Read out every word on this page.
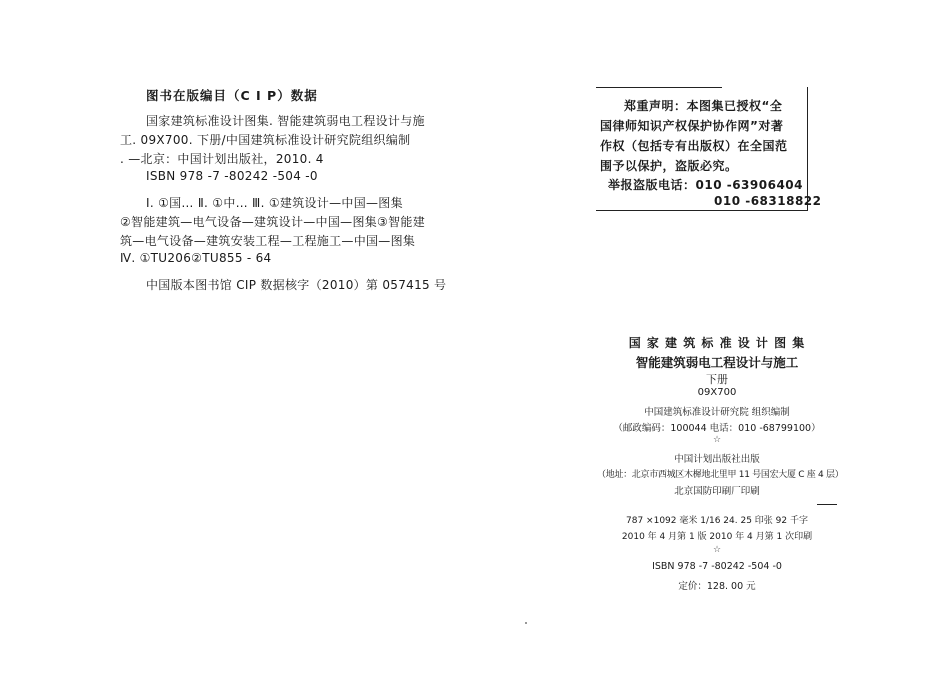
图书在版编目（C I P）数据
国家建筑标准设计图集. 智能建筑弱电工程设计与施
工. 09X700. 下册/中国建筑标准设计研究院组织编制
. —北京：中国计划出版社，2010. 4
ISBN 978 -7 -80242 -504 -0
Ⅰ. ①国… Ⅱ. ①中… Ⅲ. ①建筑设计—中国—图集
②智能建筑—电气设备—建筑设计—中国—图集③智能建
筑—电气设备—建筑安装工程—工程施工—中国—图集
Ⅳ. ①TU206②TU855 - 64
中国版本图书馆 CIP 数据核字（2010）第 057415 号
郑重声明：本图集已授权“全
国律师知识产权保护协作网”对著
作权（包括专有出版权）在全国范
围予以保护，盗版必究。
举报盗版电话：010 -63906404
010 -68318822
国 家 建 筑 标 准 设 计 图 集
智能建筑弱电工程设计与施工
下册
09X700
中国建筑标准设计研究院 组织编制
（邮政编码：100044 电话：010 -68799100）
☆
中国计划出版社出版
（地址：北京市西城区木樨地北里甲 11 号国宏大厦 C 座 4 层）
北京国防印刷厂印刷
787 ×1092 毫米 1/16 24. 25 印张 92 千字
2010 年 4 月第 1 版 2010 年 4 月第 1 次印刷
☆
ISBN 978 -7 -80242 -504 -0
定价：128. 00 元
